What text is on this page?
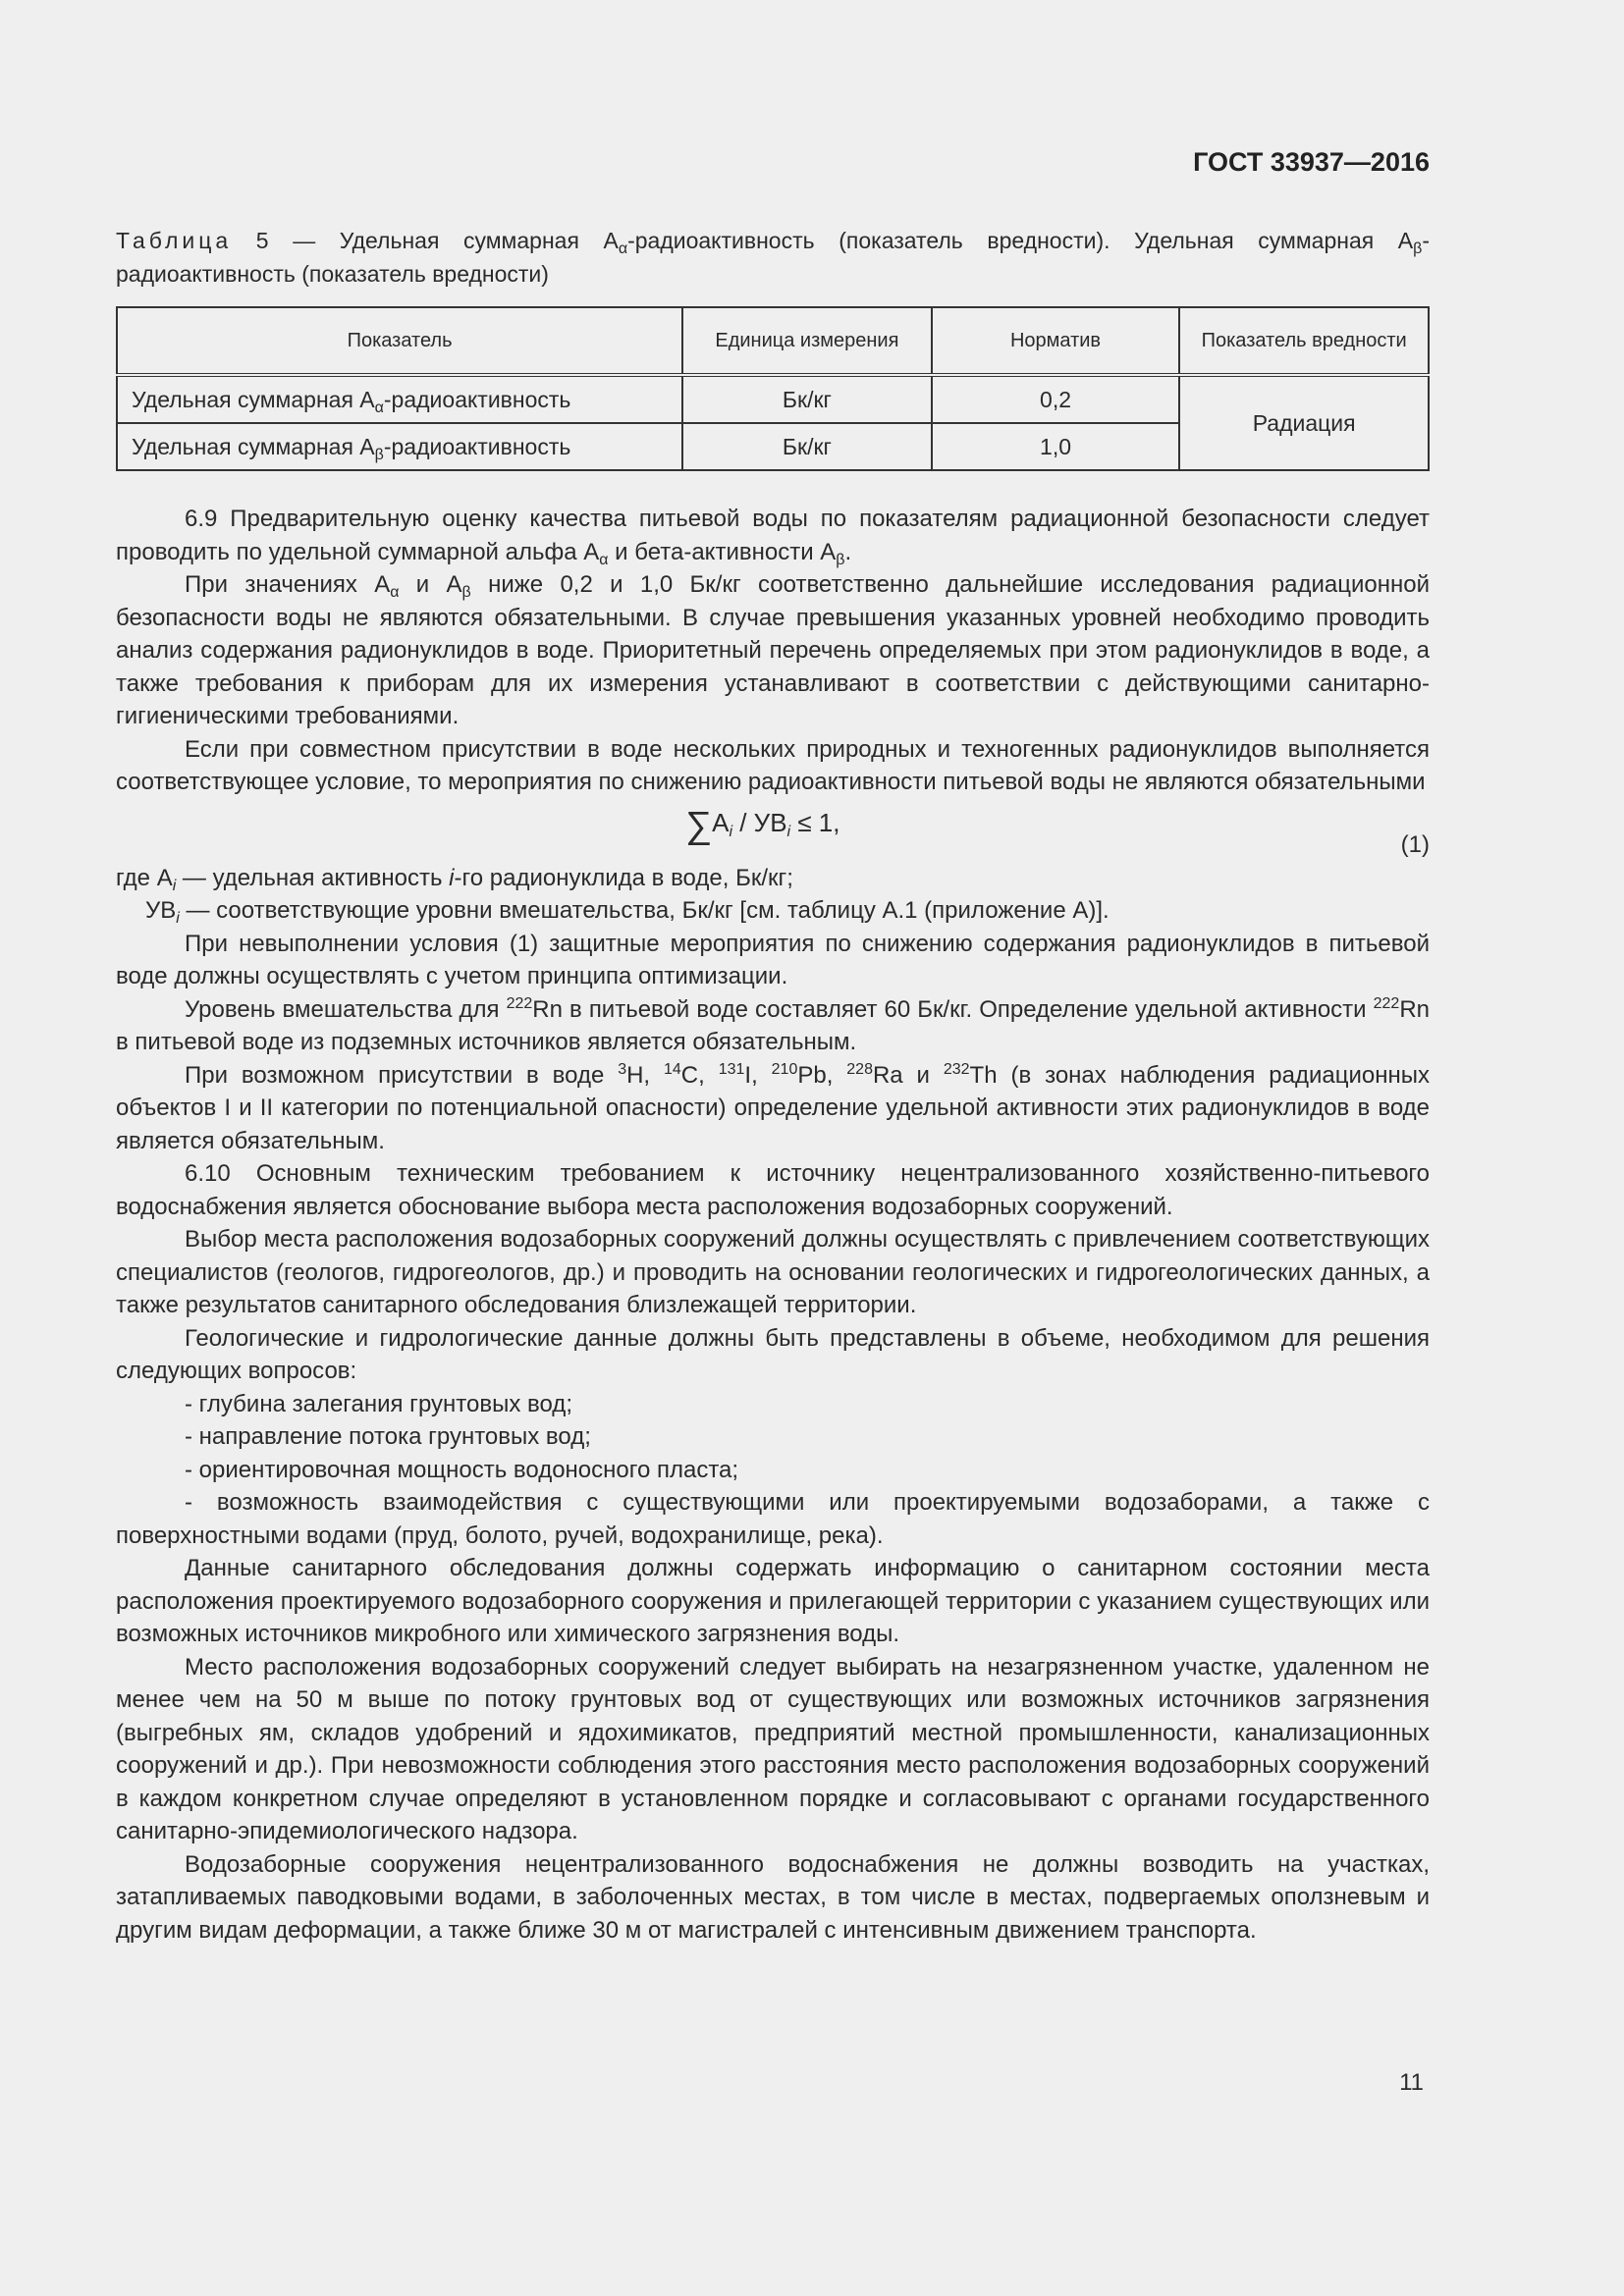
ГОСТ 33937—2016
Таблица 5 — Удельная суммарная $А_\alpha$-радиоактивность (показатель вредности). Удельная суммарная $А_\beta$-радиоактивность (показатель вредности)
Показатель	Единица измерения	Норматив	Показатель вредности
Удельная суммарная $А_\alpha$-радиоактивность	Бк/кг	0,2	Радиация
Удельная суммарная $А_\beta$-радиоактивность	Бк/кг	1,0	

6.9 Предварительную оценку качества питьевой воды по показателям радиационной безопасности следует проводить по удельной суммарной альфа $А_\alpha$ и бета-активности $А_\beta$.

При значениях $А_\alpha$ и $А_\beta$ ниже 0,2 и 1,0 Бк/кг соответственно дальнейшие исследования радиационной безопасности воды не являются обязательными. В случае превышения указанных уровней необходимо проводить анализ содержания радионуклидов в воде. Приоритетный перечень определяемых при этом радионуклидов в воде, а также требования к приборам для их измерения устанавливают в соответствии с действующими санитарно-гигиеническими требованиями.

Если при совместном присутствии в воде нескольких природных и техногенных радионуклидов выполняется соответствующее условие, то мероприятия по снижению радиоактивности питьевой воды не являются обязательными

$\sum А_i / УВ_i \le 1$,
(1)

где $А_i$ — удельная активность i-го радионуклида в воде, Бк/кг;

$УВ_i$ — соответствующие уровни вмешательства, Бк/кг [см. таблицу А.1 (приложение А)].

При невыполнении условия (1) защитные мероприятия по снижению содержания радионуклидов в питьевой воде должны осуществлять с учетом принципа оптимизации.

Уровень вмешательства для $^{222}$Rn в питьевой воде составляет 60 Бк/кг. Определение удельной активности $^{222}$Rn в питьевой воде из подземных источников является обязательным.

При возможном присутствии в воде $^3$H, $^{14}$C, $^{131}$I, $^{210}$Pb, $^{228}$Ra и $^{232}$Th (в зонах наблюдения радиационных объектов I и II категории по потенциальной опасности) определение удельной активности этих радионуклидов в воде является обязательным.

6.10 Основным техническим требованием к источнику нецентрализованного хозяйственно-питьевого водоснабжения является обоснование выбора места расположения водозаборных сооружений.

Выбор места расположения водозаборных сооружений должны осуществлять с привлечением соответствующих специалистов (геологов, гидрогеологов, др.) и проводить на основании геологических и гидрогеологических данных, а также результатов санитарного обследования близлежащей территории.

Геологические и гидрологические данные должны быть представлены в объеме, необходимом для решения следующих вопросов:

- глубина залегания грунтовых вод;

- направление потока грунтовых вод;

- ориентировочная мощность водоносного пласта;

- возможность взаимодействия с существующими или проектируемыми водозаборами, а также с поверхностными водами (пруд, болото, ручей, водохранилище, река).

Данные санитарного обследования должны содержать информацию о санитарном состоянии места расположения проектируемого водозаборного сооружения и прилегающей территории с указанием существующих или возможных источников микробного или химического загрязнения воды.

Место расположения водозаборных сооружений следует выбирать на незагрязненном участке, удаленном не менее чем на 50 м выше по потоку грунтовых вод от существующих или возможных источников загрязнения (выгребных ям, складов удобрений и ядохимикатов, предприятий местной промышленности, канализационных сооружений и др.). При невозможности соблюдения этого расстояния место расположения водозаборных сооружений в каждом конкретном случае определяют в установленном порядке и согласовывают с органами государственного санитарно-эпидемиологического надзора.

Водозаборные сооружения нецентрализованного водоснабжения не должны возводить на участках, затапливаемых паводковыми водами, в заболоченных местах, в том числе в местах, подвергаемых оползневым и другим видам деформации, а также ближе 30 м от магистралей с интенсивным движением транспорта.

11
